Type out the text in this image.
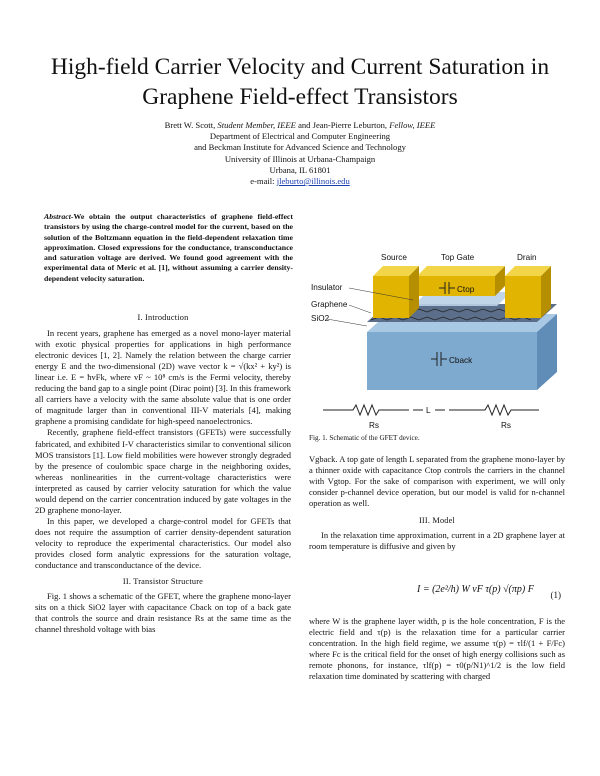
High-field Carrier Velocity and Current Saturation in
Graphene Field-effect Transistors
Brett W. Scott, Student Member, IEEE and Jean-Pierre Leburton, Fellow, IEEE
Department of Electrical and Computer Engineering
and Beckman Institute for Advanced Science and Technology
University of Illinois at Urbana-Champaign
Urbana, IL 61801
e-mail: jleburto@illinois.edu
Abstract-We obtain the output characteristics of graphene field-effect transistors by using the charge-control model for the current, based on the solution of the Boltzmann equation in the field-dependent relaxation time approximation. Closed expressions for the conductance, transconductance and saturation voltage are derived. We found good agreement with the experimental data of Meric et al. [1], without assuming a carrier density-dependent velocity saturation.
I. Introduction

In recent years, graphene has emerged as a novel mono-layer material with exotic physical properties for applications in high performance electronic devices [1, 2]. Namely the relation between the charge carrier energy E and the two-dimensional (2D) wave vector k = √(kx² + ky²) is linear i.e. E = ħvFk, where vF ~ 10⁸ cm/s is the Fermi velocity, thereby reducing the band gap to a single point (Dirac point) [3]. In this framework all carriers have a velocity with the same absolute value that is one order of magnitude larger than in conventional III-V materials [4], making graphene a promising candidate for high-speed nanoelectronics.

Recently, graphene field-effect transistors (GFETs) were successfully fabricated, and exhibited I-V characteristics similar to conventional silicon MOS transistors [1]. Low field mobilities were however strongly degraded by the presence of coulombic space charge in the neighboring oxides, whereas nonlinearities in the current-voltage characteristics were interpreted as caused by carrier velocity saturation for which the value would depend on the carrier concentration induced by gate voltages in the 2D graphene mono-layer.

In this paper, we developed a charge-control model for GFETs that does not require the assumption of carrier density-dependent saturation velocity to reproduce the experimental characteristics. Our model also provides closed form analytic expressions for the saturation voltage, conductance and transconductance of the device.

II. Transistor Structure

Fig. 1 shows a schematic of the GFET, where the graphene mono-layer sits on a thick SiO2 layer with capacitance Cback on top of a back gate that controls the source and drain resistance Rs at the same time as the channel threshold voltage with bias

Source	Top Gate	Drain
Insulator
Graphene
SiO2
Ctop
Cback
L
Rs	Rs
Fig. 1. Schematic of the GFET device.

Vgback. A top gate of length L separated from the graphene mono-layer by a thinner oxide with capacitance Ctop controls the carriers in the channel with Vgtop. For the sake of comparison with experiment, we will only consider p-channel device operation, but our model is valid for n-channel operation as well.

III. Model

In the relaxation time approximation, current in a 2D graphene layer at room temperature is diffusive and given by

I = (2e²/h) W vF τ(p) √(πp) F (1)

where W is the graphene layer width, p is the hole concentration, F is the electric field and τ(p) is the relaxation time for a particular carrier concentration. In the high field regime, we assume τ(p) = τlf/(1 + F/Fc) where Fc is the critical field for the onset of high energy collisions such as remote phonons, for instance, τlf(p) = τ0(p/N1)^1/2 is the low field relaxation time dominated by scattering with charged
